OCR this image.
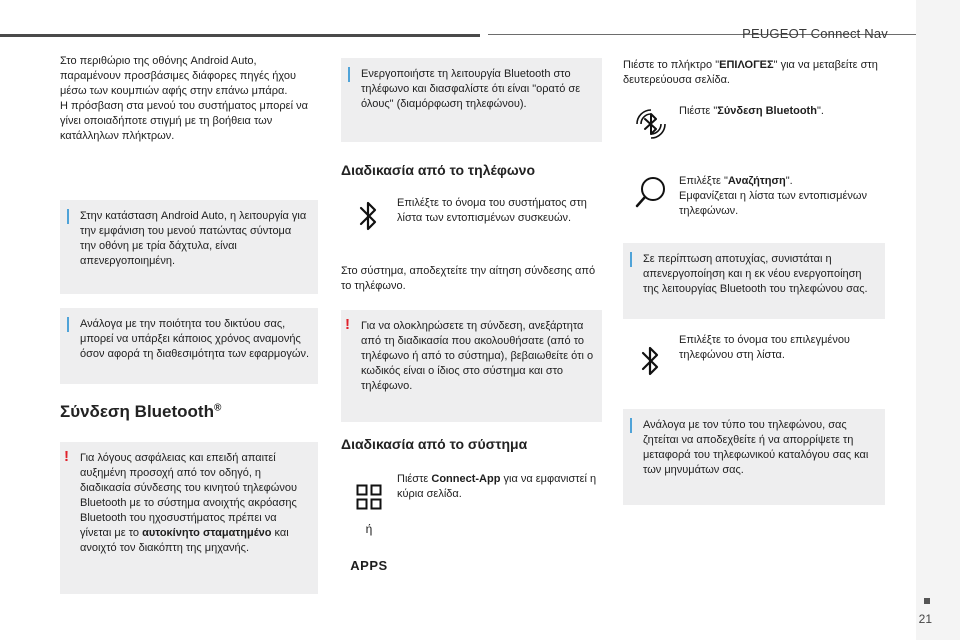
PEUGEOT Connect Nav
21

Στο περιθώριο της οθόνης Android Auto, παραμένουν προσβάσιμες διάφορες πηγές ήχου μέσω των κουμπιών αφής στην επάνω μπάρα.
Η πρόσβαση στα μενού του συστήματος μπορεί να γίνει οποιαδήποτε στιγμή με τη βοήθεια των κατάλληλων πλήκτρων.

Στην κατάσταση Android Auto, η λειτουργία για την εμφάνιση του μενού πατώντας σύντομα την οθόνη με τρία δάχτυλα, είναι απενεργοποιημένη.

Ανάλογα με την ποιότητα του δικτύου σας, μπορεί να υπάρξει κάποιος χρόνος αναμονής όσον αφορά τη διαθεσιμότητα των εφαρμογών.

Σύνδεση Bluetooth®
! Για λόγους ασφάλειας και επειδή απαιτεί αυξημένη προσοχή από τον οδηγό, η διαδικασία σύνδεσης του κινητού τηλεφώνου Bluetooth με το σύστημα ανοιχτής ακρόασης Bluetooth του ηχοσυστήματος πρέπει να γίνεται με το αυτοκίνητο σταματημένο και ανοιχτό τον διακόπτη της μηχανής.

Ενεργοποιήστε τη λειτουργία Bluetooth στο τηλέφωνο και διασφαλίστε ότι είναι "ορατό σε όλους" (διαμόρφωση τηλεφώνου).

Διαδικασία από το τηλέφωνο

Επιλέξτε το όνομα του συστήματος στη λίστα των εντοπισμένων συσκευών.

Στο σύστημα, αποδεχτείτε την αίτηση σύνδεσης από το τηλέφωνο.

! Για να ολοκληρώσετε τη σύνδεση, ανεξάρτητα από τη διαδικασία που ακολουθήσατε (από το τηλέφωνο ή από το σύστημα), βεβαιωθείτε ότι ο κωδικός είναι ο ίδιος στο σύστημα και στο τηλέφωνο.

Διαδικασία από το σύστημα
ή
APPS

Πιέστε Connect-App για να εμφανιστεί η κύρια σελίδα.

Πιέστε το πλήκτρο "ΕΠΙΛΟΓΕΣ" για να μεταβείτε στη δευτερεύουσα σελίδα.

Πιέστε "Σύνδεση Bluetooth".

Επιλέξτε "Αναζήτηση".

Εμφανίζεται η λίστα των εντοπισμένων τηλεφώνων.

Σε περίπτωση αποτυχίας, συνιστάται η απενεργοποίηση και η εκ νέου ενεργοποίηση της λειτουργίας Bluetooth του τηλεφώνου σας.

Επιλέξτε το όνομα του επιλεγμένου τηλεφώνου στη λίστα.

Ανάλογα με τον τύπο του τηλεφώνου, σας ζητείται να αποδεχθείτε ή να απορρίψετε τη μεταφορά του τηλεφωνικού καταλόγου σας και των μηνυμάτων σας.
